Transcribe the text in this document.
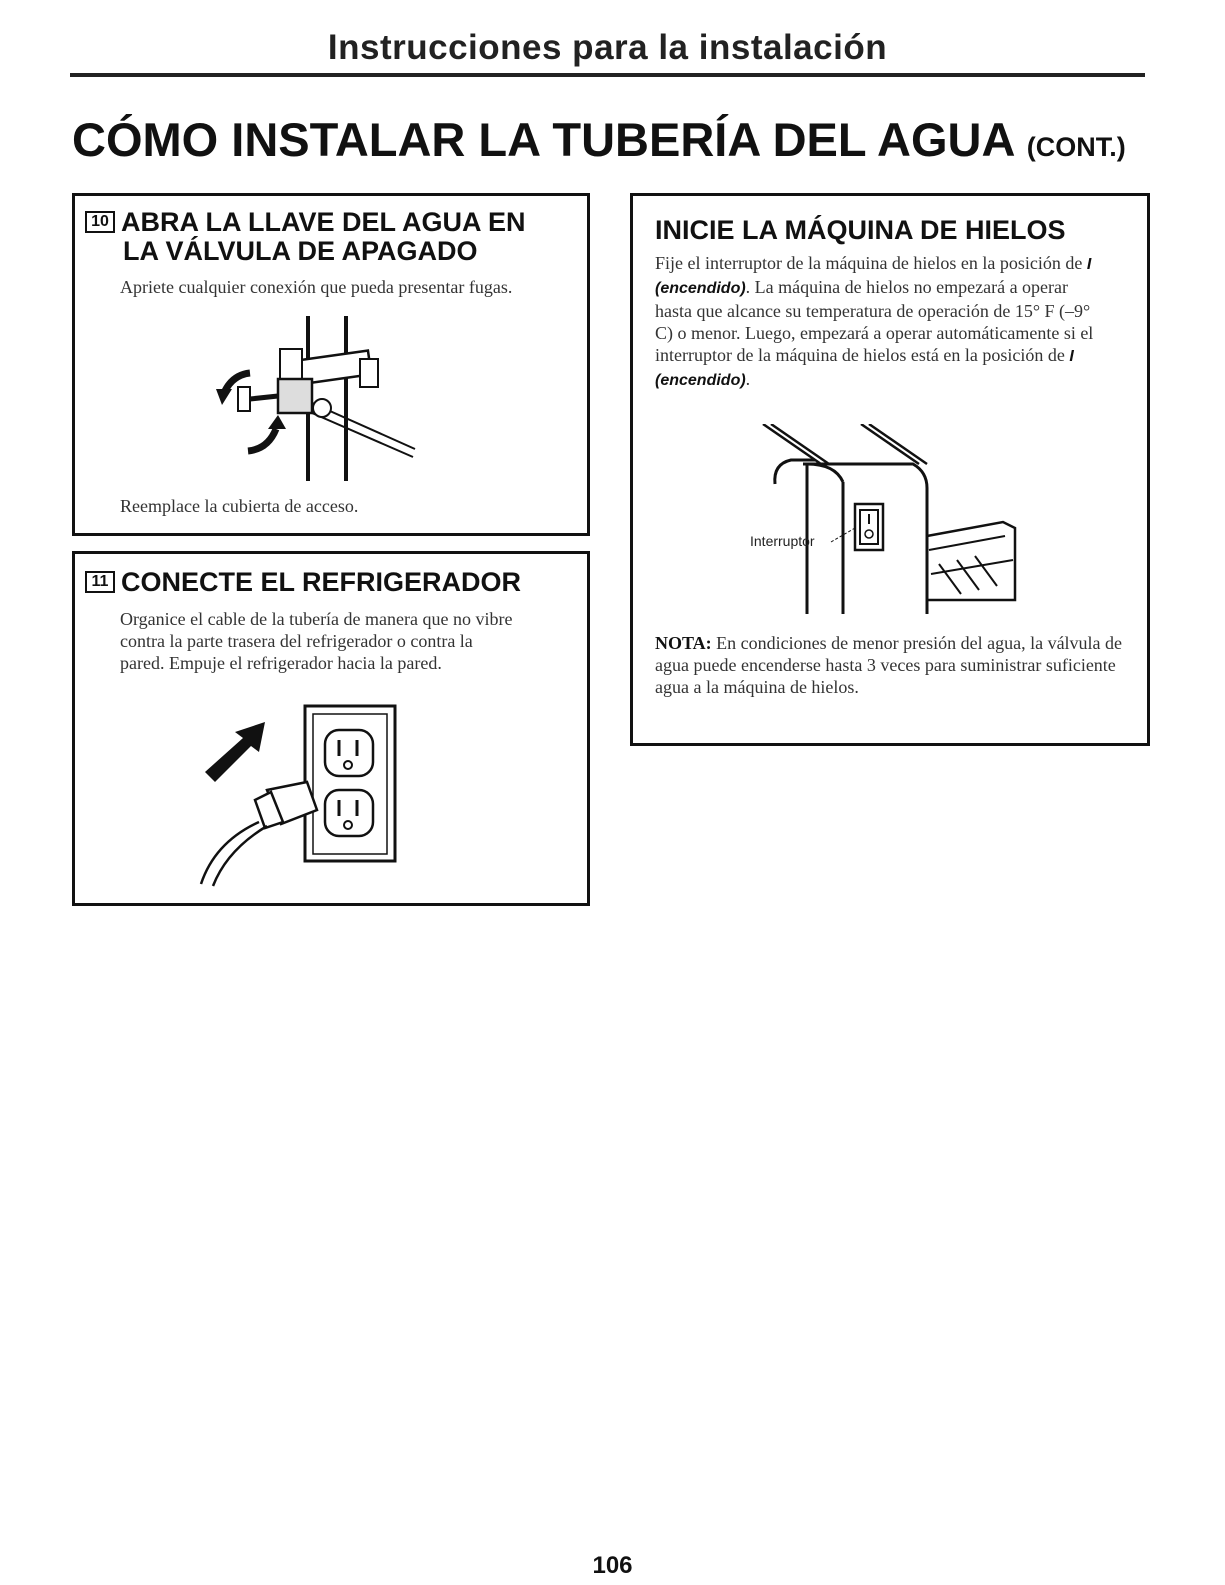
Instrucciones para la instalación
CÓMO INSTALAR LA TUBERÍA DEL AGUA (CONT.)
10 ABRA LA LLAVE DEL AGUA EN
LA VÁLVULA DE APAGADO
Apriete cualquier conexión que pueda presentar fugas.
Reemplace la cubierta de acceso.
11 CONECTE EL REFRIGERADOR
Organice el cable de la tubería de manera que no vibre contra la parte trasera del refrigerador o contra la pared. Empuje el refrigerador hacia la pared.
INICIE LA MÁQUINA DE HIELOS
Fije el interruptor de la máquina de hielos en la posición de I (encendido). La máquina de hielos no empezará a operar hasta que alcance su temperatura de operación de 15° F (–9° C) o menor. Luego, empezará a operar automáticamente si el interruptor de la máquina de hielos está en la posición de I (encendido).
Interruptor
NOTA: En condiciones de menor presión del agua, la válvula de agua puede encenderse hasta 3 veces para suministrar suficiente agua a la máquina de hielos.
106
